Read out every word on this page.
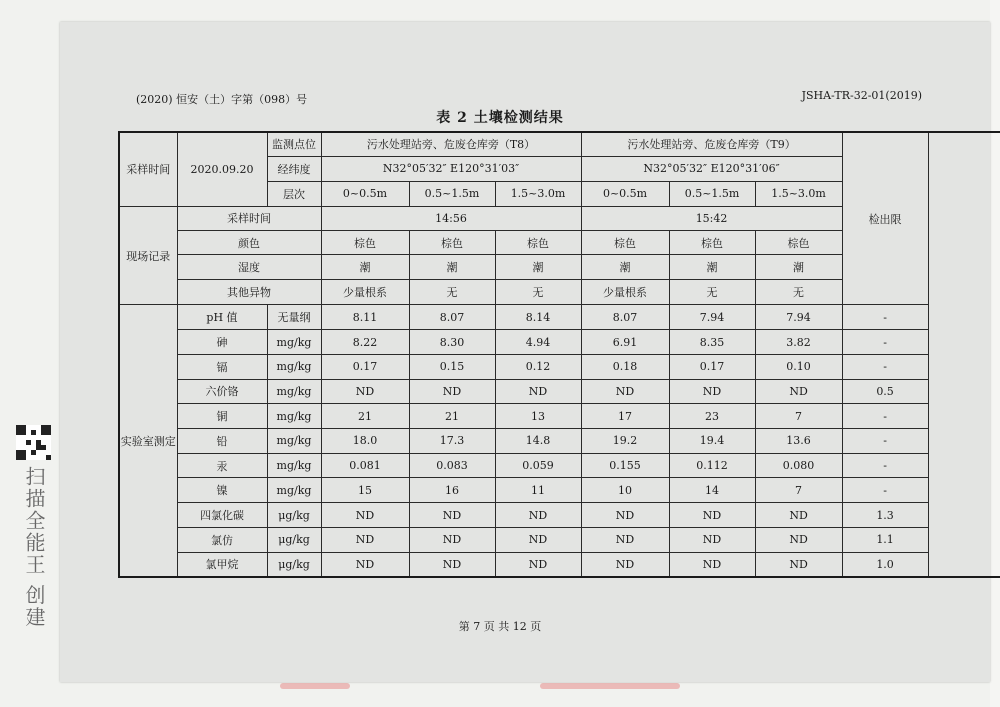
(2020) 恒安（土）字第（098）号	JSHA-TR-32-01(2019)
表 2 土壤检测结果
采样时间	2020.09.20	监测点位	污水处理站旁、危废仓库旁（T8）			污水处理站旁、危废仓库旁（T9）			检出限
		经纬度	N32°05′32″ E120°31′03″			N32°05′32″ E120°31′06″			
		层次	0~0.5m	0.5~1.5m	1.5~3.0m	0~0.5m	0.5~1.5m	1.5~3.0m	
现场记录	采样时间		14:56			15:42			
	颜色		棕色	棕色	棕色	棕色	棕色	棕色	
	湿度		潮	潮	潮	潮	潮	潮	
	其他异物		少量根系	无	无	少量根系	无	无	
实验室测定	pH 值	无量纲	8.11	8.07	8.14	8.07	7.94	7.94	-
	砷	mg/kg	8.22	8.30	4.94	6.91	8.35	3.82	-
	镉	mg/kg	0.17	0.15	0.12	0.18	0.17	0.10	-
	六价铬	mg/kg	ND	ND	ND	ND	ND	ND	0.5
	铜	mg/kg	21	21	13	17	23	7	-
	铅	mg/kg	18.0	17.3	14.8	19.2	19.4	13.6	-
	汞	mg/kg	0.081	0.083	0.059	0.155	0.112	0.080	-
	镍	mg/kg	15	16	11	10	14	7	-
	四氯化碳	μg/kg	ND	ND	ND	ND	ND	ND	1.3
	氯仿	μg/kg	ND	ND	ND	ND	ND	ND	1.1
	氯甲烷	μg/kg	ND	ND	ND	ND	ND	ND	1.0
第 7 页 共 12 页
扫描全能王 创建
